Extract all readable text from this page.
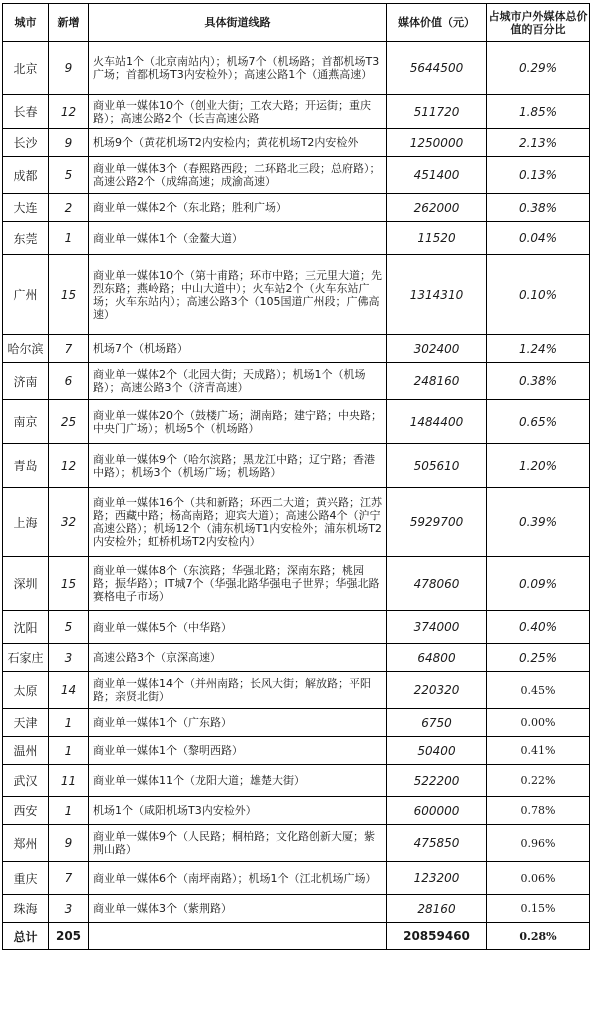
城市	新增	具体街道线路	媒体价值（元）	占城市户外媒体总价值的百分比
北京	9	火车站1个（北京南站内）；机场7个（机场路；首都机场T3广场；首都机场T3内安检外）；高速公路1个（通燕高速）	5644500	0.29%
长春	12	商业单一媒体10个（创业大街；工农大路；开运街；重庆路）；高速公路2个（长吉高速公路	511720	1.85%
长沙	9	机场9个（黄花机场T2内安检内；黄花机场T2内安检外	1250000	2.13%
成都	5	商业单一媒体3个（春熙路西段；二环路北三段；总府路）；高速公路2个（成绵高速；成渝高速）	451400	0.13%
大连	2	商业单一媒体2个（东北路；胜利广场）	262000	0.38%
东莞	1	商业单一媒体1个（金鳌大道）	11520	0.04%
广州	15	商业单一媒体10个（第十甫路；环市中路；三元里大道；先烈东路；燕岭路；中山大道中）；火车站2个（火车东站广场；火车东站内）；高速公路3个（105国道广州段；广佛高速）	1314310	0.10%
哈尔滨	7	机场7个（机场路）	302400	1.24%
济南	6	商业单一媒体2个（北园大街；天成路）；机场1个（机场路）；高速公路3个（济青高速）	248160	0.38%
南京	25	商业单一媒体20个（鼓楼广场；湖南路；建宁路；中央路；中央门广场）；机场5个（机场路）	1484400	0.65%
青岛	12	商业单一媒体9个（哈尔滨路；黑龙江中路；辽宁路；香港中路）；机场3个（机场广场；机场路）	505610	1.20%
上海	32	商业单一媒体16个（共和新路；环西二大道；黄兴路；江苏路；西藏中路；杨高南路；迎宾大道）；高速公路4个（沪宁高速公路）；机场12个（浦东机场T1内安检外；浦东机场T2内安检外；虹桥机场T2内安检内）	5929700	0.39%
深圳	15	商业单一媒体8个（东滨路；华强北路；深南东路；桃园路；振华路）；IT城7个（华强北路华强电子世界；华强北路赛格电子市场）	478060	0.09%
沈阳	5	商业单一媒体5个（中华路）	374000	0.40%
石家庄	3	高速公路3个（京深高速）	64800	0.25%
太原	14	商业单一媒体14个（并州南路；长风大街；解放路；平阳路；亲贤北街）	220320	0.45%
天津	1	商业单一媒体1个（广东路）	6750	0.00%
温州	1	商业单一媒体1个（黎明西路）	50400	0.41%
武汉	11	商业单一媒体11个（龙阳大道；雄楚大街）	522200	0.22%
西安	1	机场1个（咸阳机场T3内安检外）	600000	0.78%
郑州	9	商业单一媒体9个（人民路；桐柏路；文化路创新大厦；紫荆山路）	475850	0.96%
重庆	7	商业单一媒体6个（南坪南路）；机场1个（江北机场广场）	123200	0.06%
珠海	3	商业单一媒体3个（紫荆路）	28160	0.15%
总计	205		20859460	0.28%
